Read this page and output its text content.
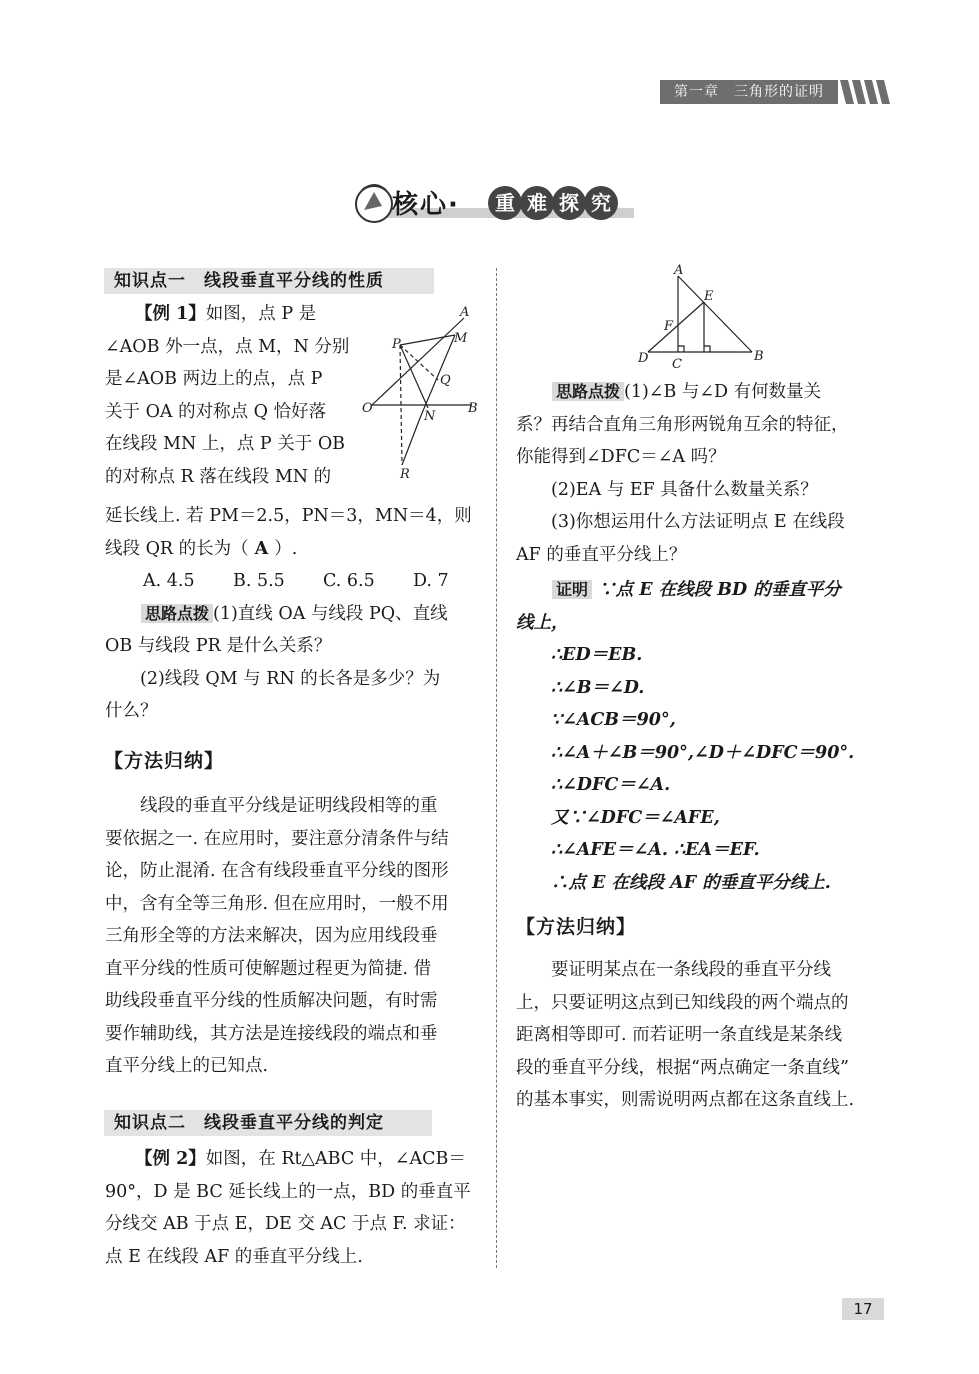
第一章　三角形的证明
核心·	重 难 探 究
知识点一　线段垂直平分线的性质
【例 1】如图，点 P 是
∠AOB 外一点，点 M，N 分别
是∠AOB 两边上的点，点 P
关于 OA 的对称点 Q 恰好落
在线段 MN 上，点 P 关于 OB
的对称点 R 落在线段 MN 的
延长线上. 若 PM＝2.5，PN＝3，MN＝4，则
线段 QR 的长为（ A ）.
A. 4.5 B. 5.5 C. 6.5 D. 7
思路点拨 (1)直线 OA 与线段 PQ、直线
OB 与线段 PR 是什么关系？
(2)线段 QM 与 RN 的长各是多少？为
什么？
A
M
P
Q
O
N
B
R
【方法归纳】
线段的垂直平分线是证明线段相等的重
要依据之一. 在应用时，要注意分清条件与结
论，防止混淆. 在含有线段垂直平分线的图形
中，含有全等三角形. 但在应用时，一般不用
三角形全等的方法来解决，因为应用线段垂
直平分线的性质可使解题过程更为简捷. 借
助线段垂直平分线的性质解决问题，有时需
要作辅助线，其方法是连接线段的端点和垂
直平分线上的已知点.
知识点二　线段垂直平分线的判定
【例 2】如图，在 Rt△ABC 中，∠ACB＝
90°，D 是 BC 延长线上的一点，BD 的垂直平
分线交 AB 于点 E，DE 交 AC 于点 F. 求证：
点 E 在线段 AF 的垂直平分线上.
A
E
F
D C
B
思路点拨 (1)∠B 与∠D 有何数量关
系？再结合直角三角形两锐角互余的特征，
你能得到∠DFC＝∠A 吗？
(2)EA 与 EF 具备什么数量关系？
(3)你想运用什么方法证明点 E 在线段
AF 的垂直平分线上？
证明 ∵点 E 在线段 BD 的垂直平分
线上，
∴ED＝EB.
∴∠B＝∠D.
∵∠ACB＝90°,
∴∠A＋∠B＝90°,∠D＋∠DFC＝90°.
∴∠DFC＝∠A.
又∵∠DFC＝∠AFE,
∴∠AFE＝∠A. ∴EA＝EF.
∴点 E 在线段 AF 的垂直平分线上.
【方法归纳】
要证明某点在一条线段的垂直平分线
上，只要证明这点到已知线段的两个端点的
距离相等即可. 而若证明一条直线是某条线
段的垂直平分线，根据“两点确定一条直线”
的基本事实，则需说明两点都在这条直线上.
17
